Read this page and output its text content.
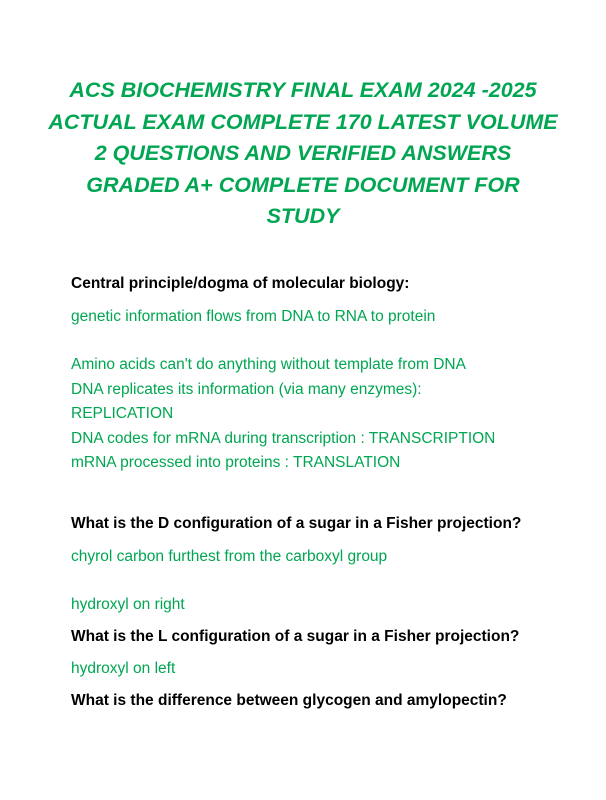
ACS BIOCHEMISTRY FINAL EXAM 2024 -2025
ACTUAL EXAM COMPLETE 170 LATEST VOLUME
2 QUESTIONS AND VERIFIED ANSWERS
GRADED A+ COMPLETE DOCUMENT FOR
STUDY

Central principle/dogma of molecular biology:

genetic information flows from DNA to RNA to protein

Amino acids can't do anything without template from DNA
DNA replicates its information (via many enzymes):
REPLICATION
DNA codes for mRNA during transcription : TRANSCRIPTION
mRNA processed into proteins : TRANSLATION

What is the D configuration of a sugar in a Fisher projection?

chyrol carbon furthest from the carboxyl group

hydroxyl on right

What is the L configuration of a sugar in a Fisher projection?

hydroxyl on left

What is the difference between glycogen and amylopectin?
